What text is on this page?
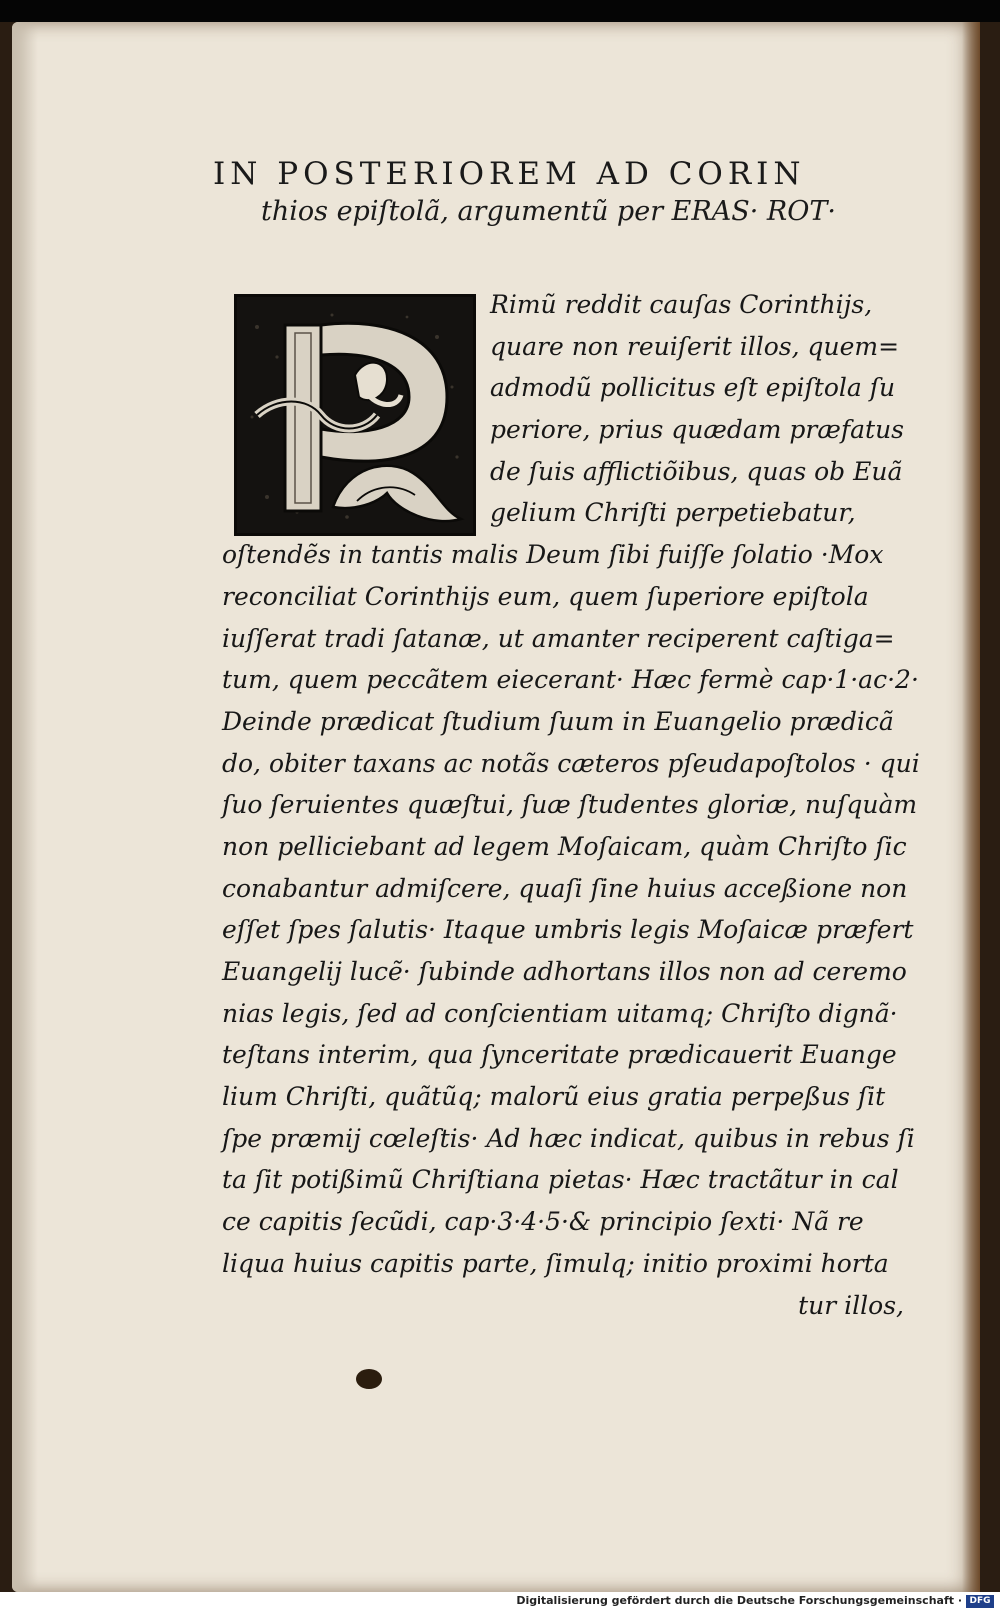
IN POSTERIOREM AD CORIN
thios epiſtolã, argumentũ per ERAS· ROT·
Rimũ reddit cauſas Corinthijs,
quare non reuiſerit illos, quem=
admodũ pollicitus eſt epiſtola ſu
periore, prius quædam præfatus
de ſuis afflictiõibus, quas ob Euã
gelium Chriſti perpetiebatur,
oſtendẽs in tantis malis Deum ſibi fuiſſe ſolatio ·Mox
reconciliat Corinthijs eum, quem ſuperiore epiſtola
iuſſerat tradi ſatanæ, ut amanter reciperent caſtiga=
tum, quem peccãtem eiecerant· Hæc fermè cap·1·ac·2·
Deinde prædicat ſtudium ſuum in Euangelio prædicã
do, obiter taxans ac notãs cæteros pſeudapoſtolos · qui
ſuo ſeruientes quæſtui, ſuæ ſtudentes gloriæ, nuſquàm
non pelliciebant ad legem Moſaicam, quàm Chriſto ſic
conabantur admiſcere, quaſi ſine huius acceßione non
eſſet ſpes ſalutis· Itaque umbris legis Moſaicæ præfert
Euangelij lucẽ· ſubinde adhortans illos non ad ceremo
nias legis, ſed ad conſcientiam uitamq; Chriſto dignã·
teſtans interim, qua ſynceritate prædicauerit Euange
lium Chriſti, quãtũq; malorũ eius gratia perpeßus ſit
ſpe præmij cœleſtis· Ad hæc indicat, quibus in rebus ſi
ta ſit potißimũ Chriſtiana pietas· Hæc tractãtur in cal
ce capitis ſecũdi, cap·3·4·5·& principio ſexti· Nã re
liqua huius capitis parte, ſimulq; initio proximi horta
tur illos,
Digitalisierung gefördert durch die Deutsche Forschungsgemeinschaft · DFG
